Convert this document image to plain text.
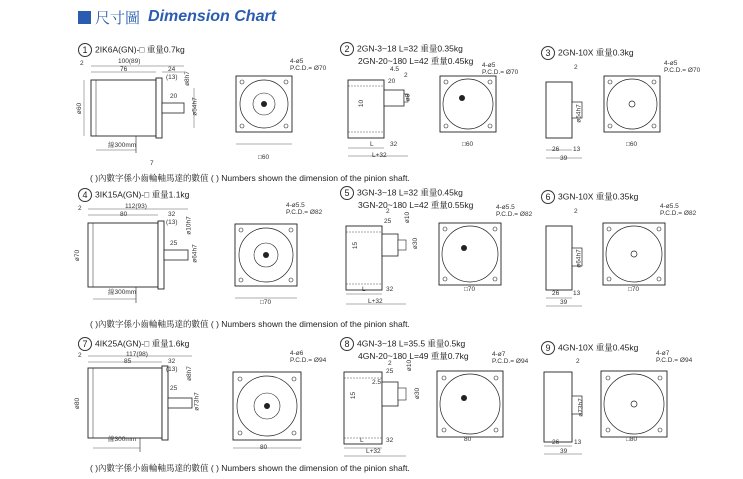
尺寸圖 Dimension Chart
1 2IK6A(GN)-□ 重量0.7kg	2 2GN-3~18 L=32 重量0.35kg
2GN-20~180 L=42 重量0.45kg
3 2GN-10X 重量0.3kg
4 3IK15A(GN)-□ 重量1.1kg	5 3GN-3~18 L=32 重量0.45kg
3GN-20~180 L=42 重量0.55kg
6 3GN-10X 重量0.35kg
7 4IK25A(GN)-□ 重量1.6kg	8 4GN-3~18 L=35.5 重量0.5kg
4GN-20~180 L=49 重量0.7kg
9 4GN-10X 重量0.45kg
( )內數字係小齒輪軸馬達的數值 ( ) Numbers shown the dimension of the pinion shaft.
( )內數字係小齒輪軸馬達的數值 ( ) Numbers shown the dimension of the pinion shaft.
( )內數字係小齒輪軸馬達的數值 ( ) Numbers shown the dimension of the pinion shaft.
100(89)
76	24
(13)
20
2
ø60	ø54h7
ø8h7
線300mm
7
4-ø5
P.C.D.= Ø70
□60
4.5
20
2
10
ø8
L	32
L+32
4-ø5
P.C.D.= Ø70
□60
2
ø54h7
26 13
39
4-ø5
P.C.D.= Ø70
□60
112(93)
80	32
(13)
25
2
ø70	ø64h7
ø10h7
線300mm
4-ø5.5
P.C.D.= Ø82
□70
2
25 ø10
15	ø30
L	32
L+32
4-ø5.5
P.C.D.= Ø82
□70
2
ø64h7
26 13
39
4-ø5.5
P.C.D.= Ø82
□70
117(98)
85	32
(13)
25
2
ø80	ø73h7
ø8h7
線300mm
4-ø6
P.C.D.= Ø94
80
2
25
2.5
ø10
15	ø30
L	32
L+32
4-ø7
P.C.D.= Ø94
80
2
ø73h7
26 13
39
4-ø7
P.C.D.= Ø94
□80
